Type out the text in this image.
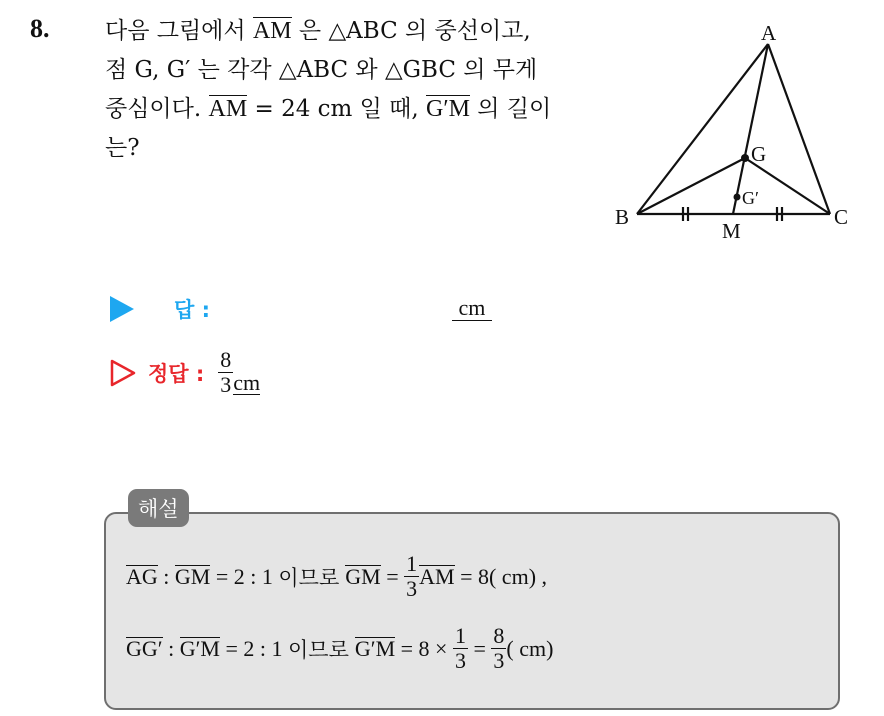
8. 다음 그림에서 AM 은 △ABC 의 중선이고,
점 G, G′ 는 각각 △ABC 와 △GBC 의 무게
중심이다. AM = 24 cm 일 때, G′M 의 길이
는?
A
B	C
G
G′
M
답 :	cm
정답 : $\frac{8}{3}$ cm
해설
AG : GM = 2 : 1 이므로 GM = $\frac{1}{3}$ AM = 8( cm) ,
GG′ : G′M = 2 : 1 이므로 $G'M = 8 \times \frac{1}{3} = \frac{8}{3}$ ( cm)
